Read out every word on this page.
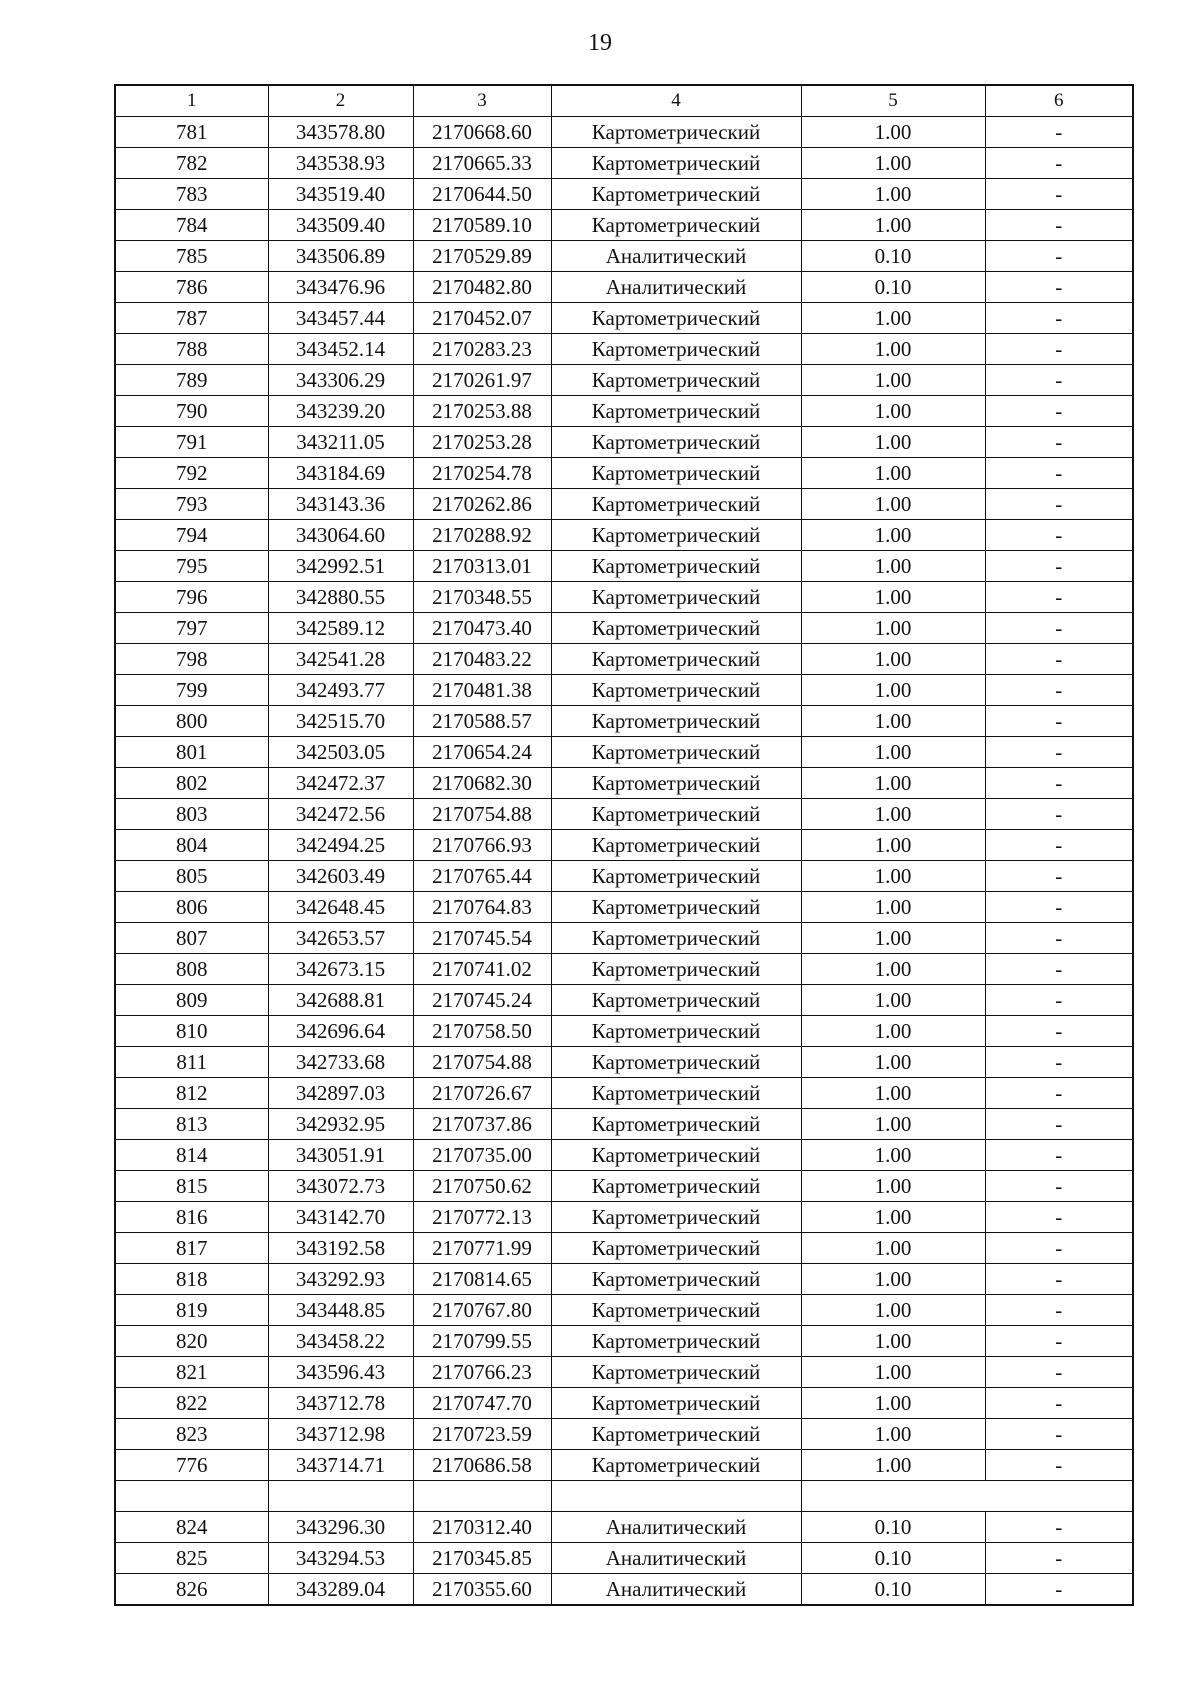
19
1	2	3	4	5	6
781	343578.80	2170668.60	Картометрический	1.00	-
782	343538.93	2170665.33	Картометрический	1.00	-
783	343519.40	2170644.50	Картометрический	1.00	-
784	343509.40	2170589.10	Картометрический	1.00	-
785	343506.89	2170529.89	Аналитический	0.10	-
786	343476.96	2170482.80	Аналитический	0.10	-
787	343457.44	2170452.07	Картометрический	1.00	-
788	343452.14	2170283.23	Картометрический	1.00	-
789	343306.29	2170261.97	Картометрический	1.00	-
790	343239.20	2170253.88	Картометрический	1.00	-
791	343211.05	2170253.28	Картометрический	1.00	-
792	343184.69	2170254.78	Картометрический	1.00	-
793	343143.36	2170262.86	Картометрический	1.00	-
794	343064.60	2170288.92	Картометрический	1.00	-
795	342992.51	2170313.01	Картометрический	1.00	-
796	342880.55	2170348.55	Картометрический	1.00	-
797	342589.12	2170473.40	Картометрический	1.00	-
798	342541.28	2170483.22	Картометрический	1.00	-
799	342493.77	2170481.38	Картометрический	1.00	-
800	342515.70	2170588.57	Картометрический	1.00	-
801	342503.05	2170654.24	Картометрический	1.00	-
802	342472.37	2170682.30	Картометрический	1.00	-
803	342472.56	2170754.88	Картометрический	1.00	-
804	342494.25	2170766.93	Картометрический	1.00	-
805	342603.49	2170765.44	Картометрический	1.00	-
806	342648.45	2170764.83	Картометрический	1.00	-
807	342653.57	2170745.54	Картометрический	1.00	-
808	342673.15	2170741.02	Картометрический	1.00	-
809	342688.81	2170745.24	Картометрический	1.00	-
810	342696.64	2170758.50	Картометрический	1.00	-
811	342733.68	2170754.88	Картометрический	1.00	-
812	342897.03	2170726.67	Картометрический	1.00	-
813	342932.95	2170737.86	Картометрический	1.00	-
814	343051.91	2170735.00	Картометрический	1.00	-
815	343072.73	2170750.62	Картометрический	1.00	-
816	343142.70	2170772.13	Картометрический	1.00	-
817	343192.58	2170771.99	Картометрический	1.00	-
818	343292.93	2170814.65	Картометрический	1.00	-
819	343448.85	2170767.80	Картометрический	1.00	-
820	343458.22	2170799.55	Картометрический	1.00	-
821	343596.43	2170766.23	Картометрический	1.00	-
822	343712.78	2170747.70	Картометрический	1.00	-
823	343712.98	2170723.59	Картометрический	1.00	-
776	343714.71	2170686.58	Картометрический	1.00	-

824	343296.30	2170312.40	Аналитический	0.10	-
825	343294.53	2170345.85	Аналитический	0.10	-
826	343289.04	2170355.60	Аналитический	0.10	-
